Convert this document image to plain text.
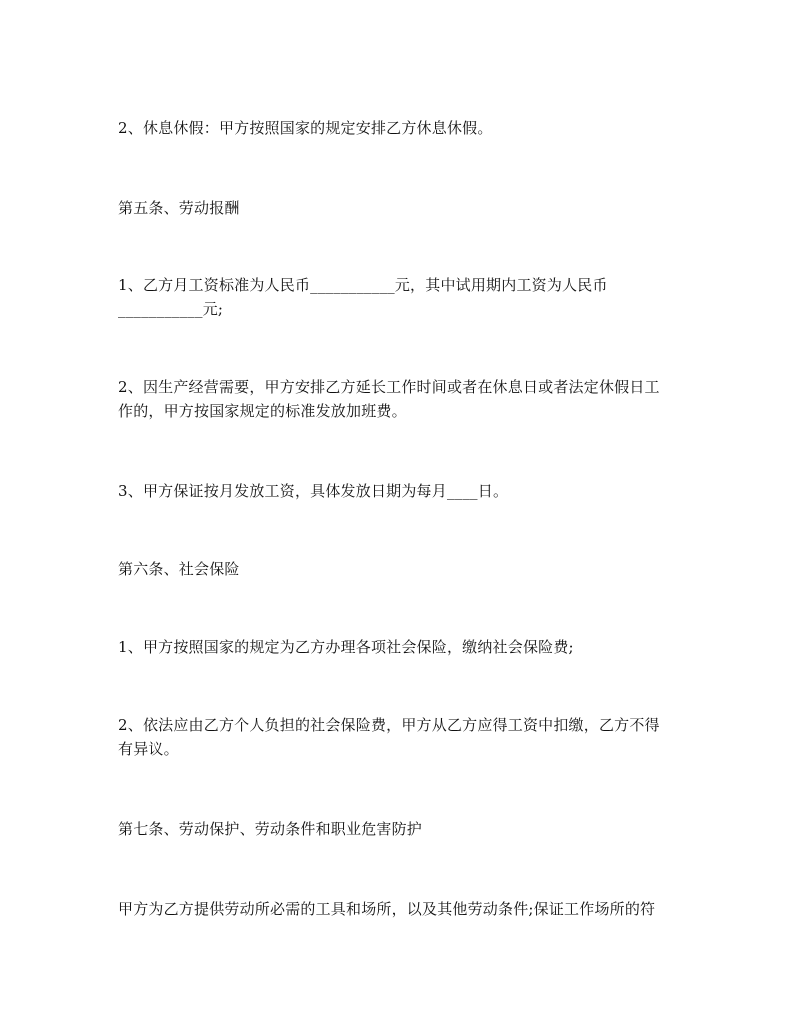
2、休息休假：甲方按照国家的规定安排乙方休息休假。
第五条、劳动报酬
1、乙方月工资标准为人民币___________元，其中试用期内工资为人民币
___________元;
2、因生产经营需要，甲方安排乙方延长工作时间或者在休息日或者法定休假日工
作的，甲方按国家规定的标准发放加班费。
3、甲方保证按月发放工资，具体发放日期为每月____日。
第六条、社会保险
1、甲方按照国家的规定为乙方办理各项社会保险，缴纳社会保险费;
2、依法应由乙方个人负担的社会保险费，甲方从乙方应得工资中扣缴，乙方不得
有异议。
第七条、劳动保护、劳动条件和职业危害防护
甲方为乙方提供劳动所必需的工具和场所，以及其他劳动条件;保证工作场所的符
